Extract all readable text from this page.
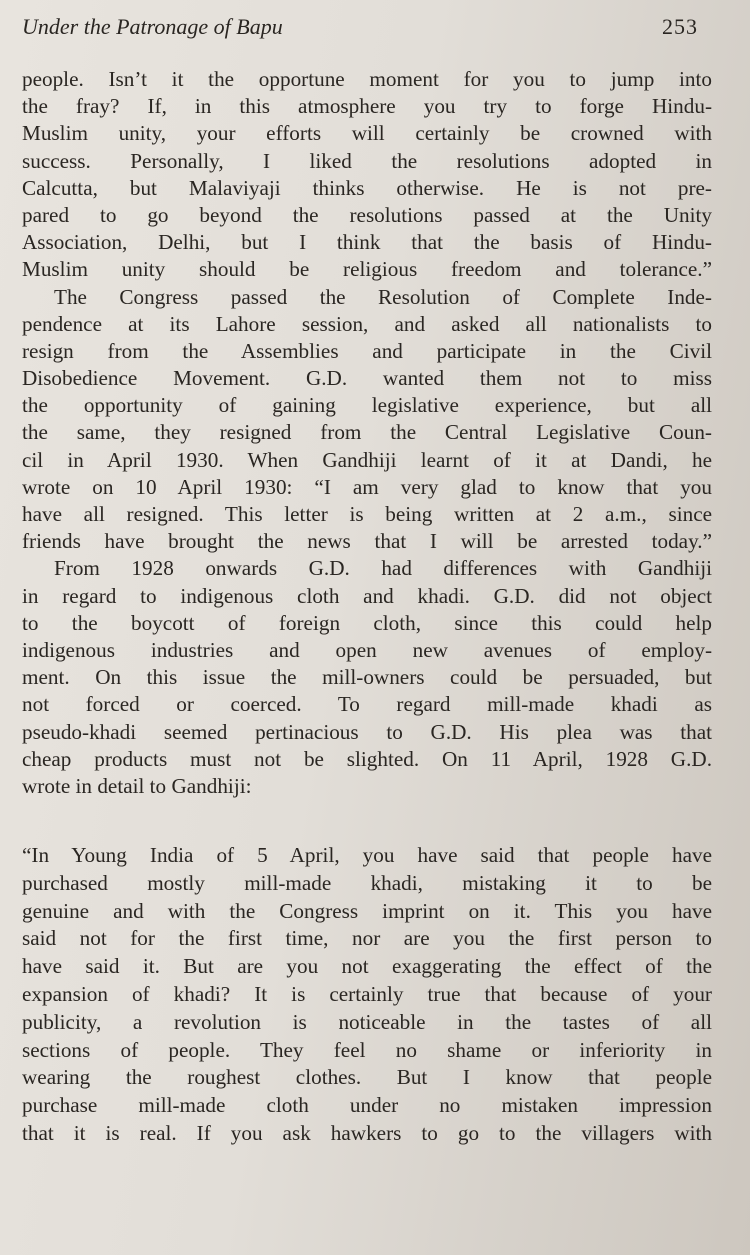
Under the Patronage of Bapu	253
people. Isn’t it the opportune moment for you to jump into
the fray? If, in this atmosphere you try to forge Hindu-
Muslim unity, your efforts will certainly be crowned with
success. Personally, I liked the resolutions adopted in
Calcutta, but Malaviyaji thinks otherwise. He is not pre-
pared to go beyond the resolutions passed at the Unity
Association, Delhi, but I think that the basis of Hindu-
Muslim unity should be religious freedom and tolerance.”
The Congress passed the Resolution of Complete Inde-
pendence at its Lahore session, and asked all nationalists to
resign from the Assemblies and participate in the Civil
Disobedience Movement. G.D. wanted them not to miss
the opportunity of gaining legislative experience, but all
the same, they resigned from the Central Legislative Coun-
cil in April 1930. When Gandhiji learnt of it at Dandi, he
wrote on 10 April 1930: “I am very glad to know that you
have all resigned. This letter is being written at 2 a.m., since
friends have brought the news that I will be arrested today.”
From 1928 onwards G.D. had differences with Gandhiji
in regard to indigenous cloth and khadi. G.D. did not object
to the boycott of foreign cloth, since this could help
indigenous industries and open new avenues of employ-
ment. On this issue the mill-owners could be persuaded, but
not forced or coerced. To regard mill-made khadi as
pseudo-khadi seemed pertinacious to G.D. His plea was that
cheap products must not be slighted. On 11 April, 1928 G.D.
wrote in detail to Gandhiji:
“In Young India of 5 April, you have said that people have
purchased mostly mill-made khadi, mistaking it to be
genuine and with the Congress imprint on it. This you have
said not for the first time, nor are you the first person to
have said it. But are you not exaggerating the effect of the
expansion of khadi? It is certainly true that because of your
publicity, a revolution is noticeable in the tastes of all
sections of people. They feel no shame or inferiority in
wearing the roughest clothes. But I know that people
purchase mill-made cloth under no mistaken impression
that it is real. If you ask hawkers to go to the villagers with
